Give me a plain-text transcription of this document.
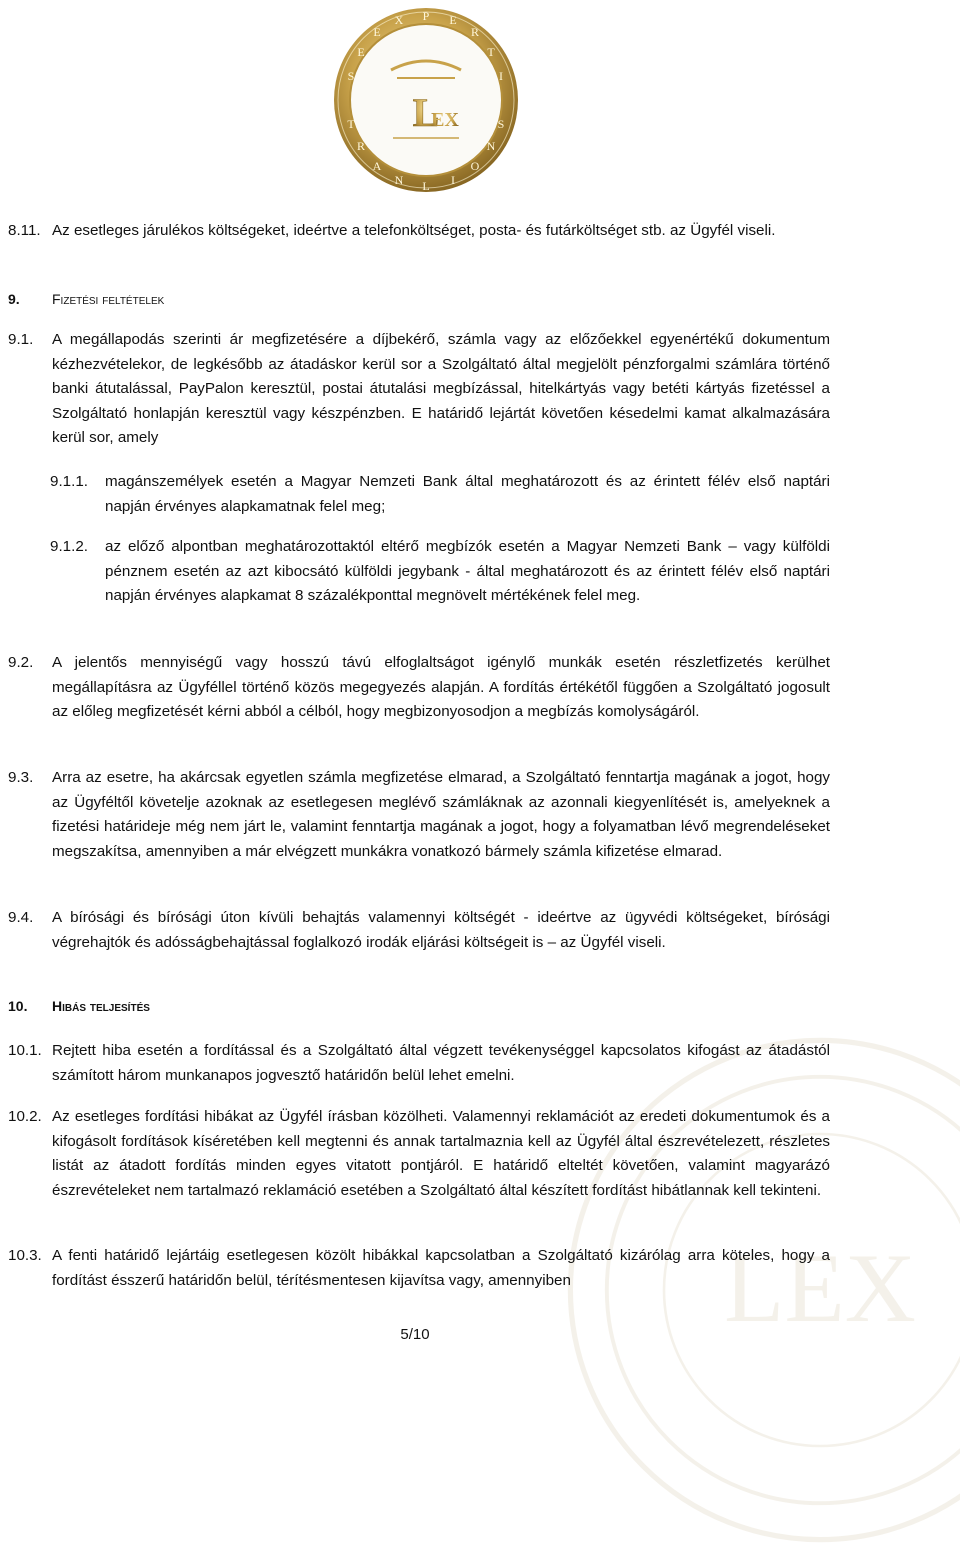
LEX
P
X	E
E	R
E	T
S	I
T	S
R	N
A	O
N	I
L
L
EX
8.11. Az esetleges járulékos költségeket, ideértve a telefonköltséget, posta- és futárköltséget stb. az Ügyfél viseli.
9. Fizetési feltételek
9.1. A megállapodás szerinti ár megfizetésére a díjbekérő, számla vagy az előzőekkel egyenértékű dokumentum kézhezvételekor, de legkésőbb az átadáskor kerül sor a Szolgáltató által megjelölt pénzforgalmi számlára történő banki átutalással, PayPalon keresztül, postai átutalási megbízással, hitelkártyás vagy betéti kártyás fizetéssel a Szolgáltató honlapján keresztül vagy készpénzben. E határidő lejártát követően késedelmi kamat alkalmazására kerül sor, amely
9.1.1. magánszemélyek esetén a Magyar Nemzeti Bank által meghatározott és az érintett félév első naptári napján érvényes alapkamatnak felel meg;
9.1.2. az előző alpontban meghatározottaktól eltérő megbízók esetén a Magyar Nemzeti Bank – vagy külföldi pénznem esetén az azt kibocsátó külföldi jegybank - által meghatározott és az érintett félév első naptári napján érvényes alapkamat 8 százalékponttal megnövelt mértékének felel meg.
9.2. A jelentős mennyiségű vagy hosszú távú elfoglaltságot igénylő munkák esetén részletfizetés kerülhet megállapításra az Ügyféllel történő közös megegyezés alapján. A fordítás értékétől függően a Szolgáltató jogosult az előleg megfizetését kérni abból a célból, hogy megbizonyosodjon a megbízás komolyságáról.
9.3. Arra az esetre, ha akárcsak egyetlen számla megfizetése elmarad, a Szolgáltató fenntartja magának a jogot, hogy az Ügyféltől követelje azoknak az esetlegesen meglévő számláknak az azonnali kiegyenlítését is, amelyeknek a fizetési határideje még nem járt le, valamint fenntartja magának a jogot, hogy a folyamatban lévő megrendeléseket megszakítsa, amennyiben a már elvégzett munkákra vonatkozó bármely számla kifizetése elmarad.
9.4. A bírósági és bírósági úton kívüli behajtás valamennyi költségét - ideértve az ügyvédi költségeket, bírósági végrehajtók és adósságbehajtással foglalkozó irodák eljárási költségeit is – az Ügyfél viseli.
10. Hibás teljesítés
10.1. Rejtett hiba esetén a fordítással és a Szolgáltató által végzett tevékenységgel kapcsolatos kifogást az átadástól számított három munkanapos jogvesztő határidőn belül lehet emelni.
10.2. Az esetleges fordítási hibákat az Ügyfél írásban közölheti. Valamennyi reklamációt az eredeti dokumentumok és a kifogásolt fordítások kíséretében kell megtenni és annak tartalmaznia kell az Ügyfél által észrevételezett, részletes listát az átadott fordítás minden egyes vitatott pontjáról. E határidő elteltét követően, valamint magyarázó észrevételeket nem tartalmazó reklamáció esetében a Szolgáltató által készített fordítást hibátlannak kell tekinteni.
10.3. A fenti határidő lejártáig esetlegesen közölt hibákkal kapcsolatban a Szolgáltató kizárólag arra köteles, hogy a fordítást ésszerű határidőn belül, térítésmentesen kijavítsa vagy, amennyiben
5/10
